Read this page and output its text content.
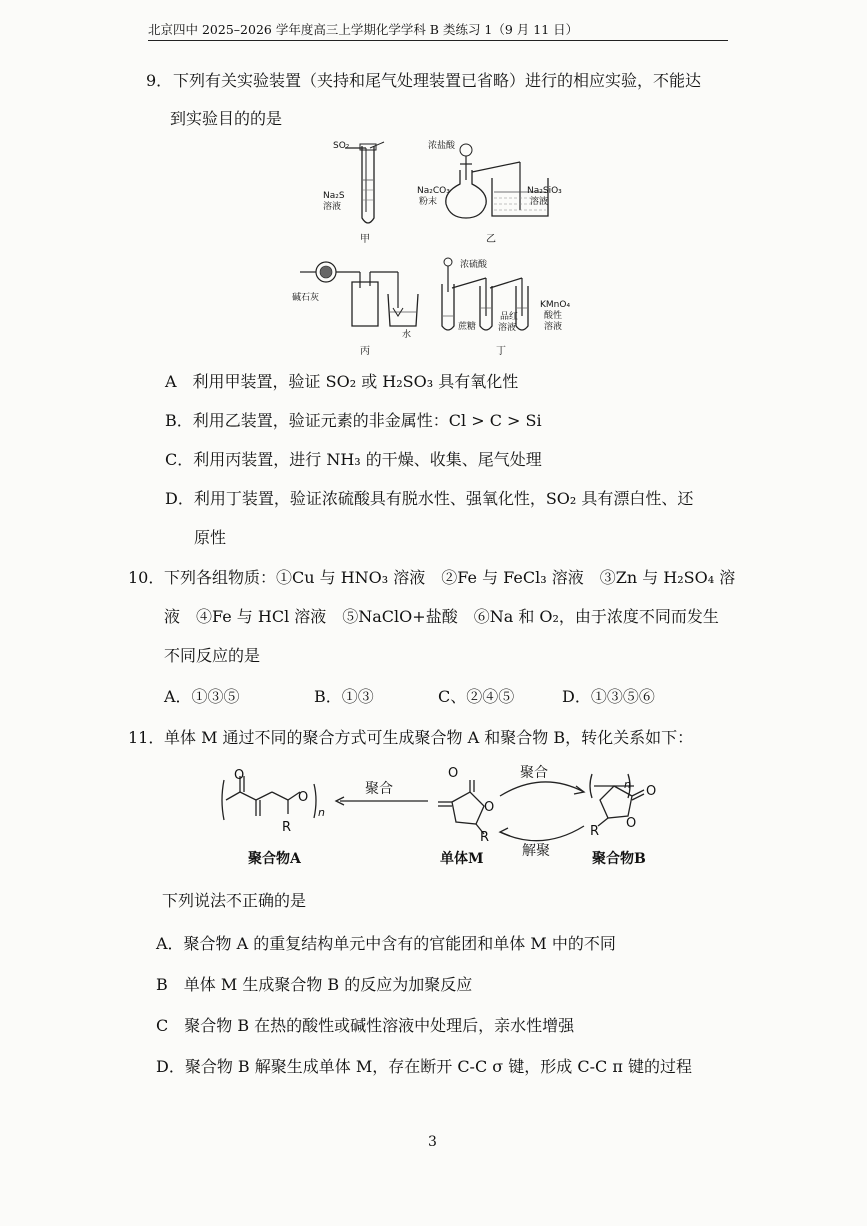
北京四中 2025–2026 学年度高三上学期化学学科 B 类练习 1（9 月 11 日）
9． 下列有关实验装置（夹持和尾气处理装置已省略）进行的相应实验，不能达
到实验目的的是
SO₂
Na₂S
溶液
甲
浓盐酸
Na₂CO₃
粉末
Na₂SiO₃
溶液
乙
碱石灰
水
丙
浓硫酸
蔗糖
品红
溶液
KMnO₄
酸性
溶液
丁
A　利用甲装置，验证 SO₂ 或 H₂SO₃ 具有氧化性
B．利用乙装置，验证元素的非金属性：Cl > C > Si
C．利用丙装置，进行 NH₃ 的干燥、收集、尾气处理
D．利用丁装置，验证浓硫酸具有脱水性、强氧化性，SO₂ 具有漂白性、还
原性
10． 下列各组物质：①Cu 与 HNO₃ 溶液　②Fe 与 FeCl₃ 溶液　③Zn 与 H₂SO₄ 溶
液　④Fe 与 HCl 溶液　⑤NaClO+盐酸　⑥Na 和 O₂，由于浓度不同而发生
不同反应的是
A．①③⑤	B．①③	C、②④⑤	D．①③⑤⑥
11． 单体 M 通过不同的聚合方式可生成聚合物 A 和聚合物 B，转化关系如下：
O
O
R
n
聚合物A
聚合
O
O
R
单体M
聚合
解聚
O
O
R
n
聚合物B
下列说法不正确的是
A．聚合物 A 的重复结构单元中含有的官能团和单体 M 中的不同
B　单体 M 生成聚合物 B 的反应为加聚反应
C　聚合物 B 在热的酸性或碱性溶液中处理后，亲水性增强
D．聚合物 B 解聚生成单体 M，存在断开 C-C σ 键，形成 C-C π 键的过程
3
